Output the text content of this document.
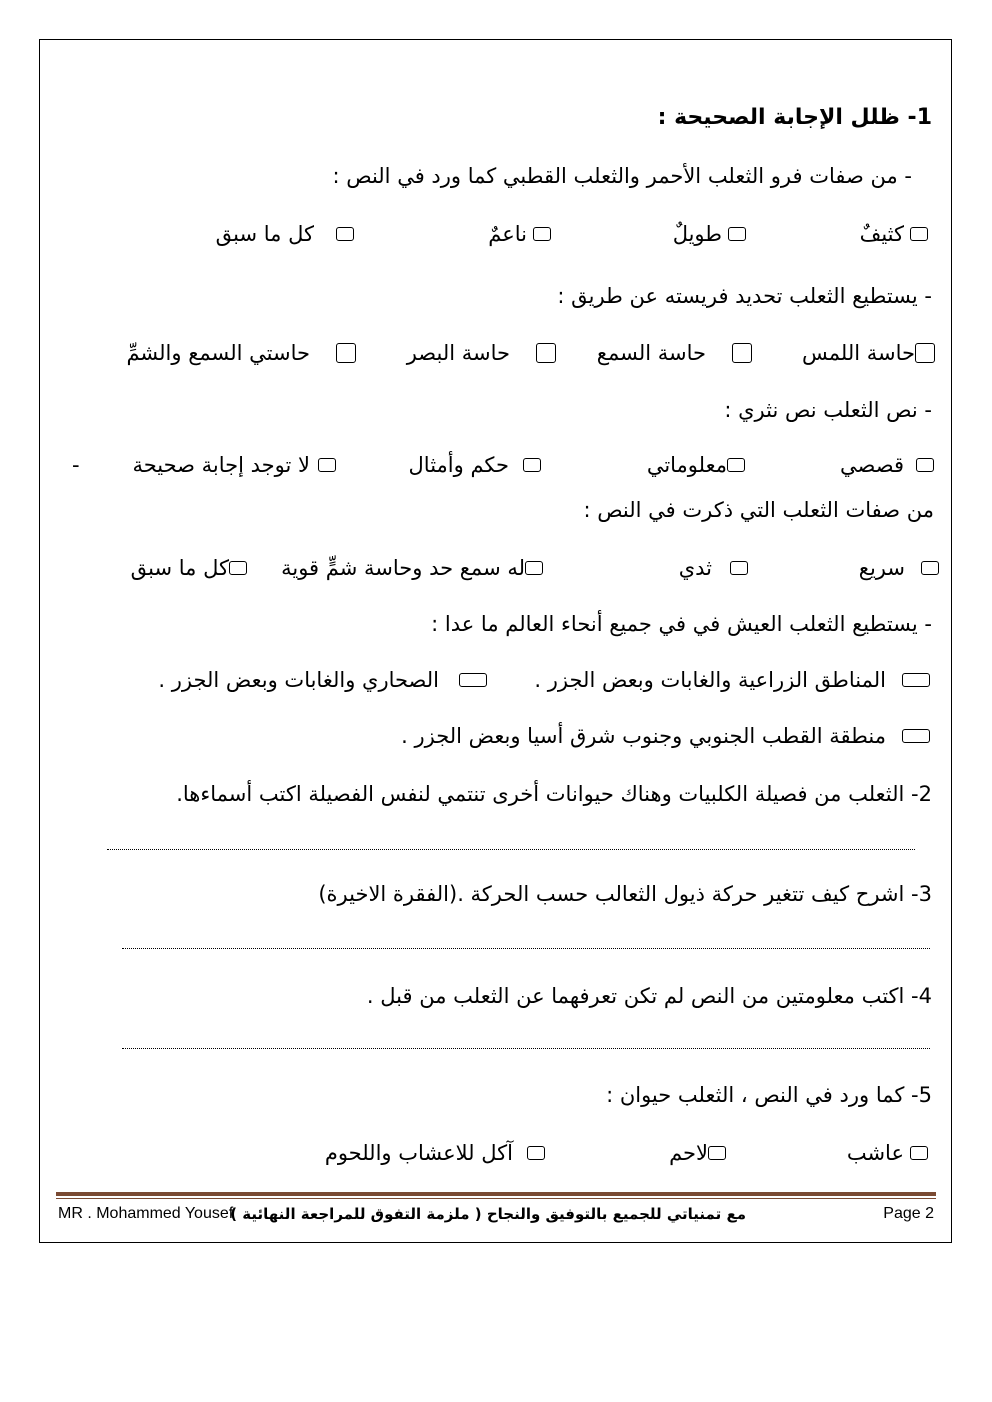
1- ظلل الإجابة الصحيحة :
- من صفات فرو الثعلب الأحمر والثعلب القطبي كما ورد في النص :
كثيفٌ
طويلٌ
ناعمٌ
كل ما سبق
- يستطيع الثعلب تحديد فريسته عن طريق :
حاسة اللمس
حاسة السمع
حاسة البصر
حاستي السمع والشمِّ
- نص الثعلب نص نثري :
قصصي
معلوماتي
حكم وأمثال
لا توجد إجابة صحيحة
-
من صفات الثعلب التي ذكرت في النص :
سريع
ثدي
له سمع حد وحاسة شمٍّ قوية
كل ما سبق
- يستطيع الثعلب العيش في في جميع أنحاء العالم ما عدا :
المناطق الزراعية والغابات وبعض الجزر .
الصحاري والغابات وبعض الجزر .
منطقة القطب الجنوبي وجنوب شرق أسيا وبعض الجزر .
2- الثعلب من فصيلة الكلبيات وهناك حيوانات أخرى تنتمي لنفس الفصيلة اكتب أسماءها.
3- اشرح كيف تتغير حركة ذيول الثعالب حسب الحركة .(الفقرة الاخيرة)
4- اكتب معلومتين من النص لم تكن تعرفهما عن الثعلب من قبل .
5- كما ورد في النص ، الثعلب حيوان :
عاشب
لاحم
آكل للاعشاب واللحوم
MR . Mohammed Yousef
مع تمنياتي للجميع بالتوفيق والنجاح ( ملزمة التفوق للمراجعة النهائية )	Page 2
